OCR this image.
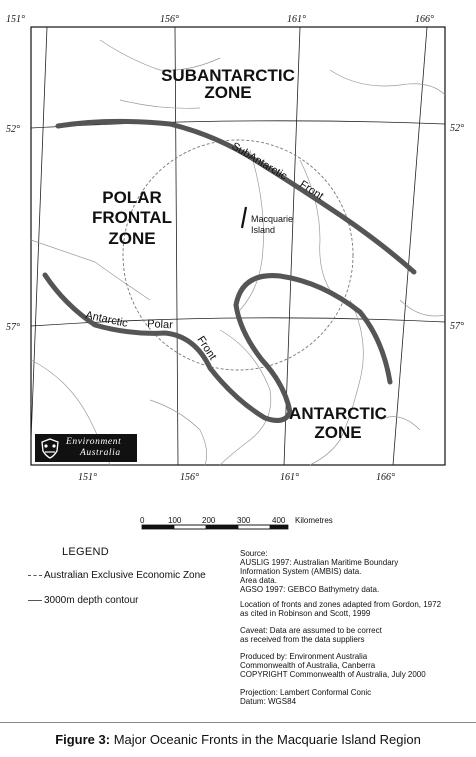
151°	156°	161°	166°
151°	156°	161°	166°
52°
57°
52°
57°
SUBANTARCTIC
ZONE
POLAR
FRONTAL
ZONE
ANTARCTIC
ZONE
SubAntarctic
Front
Antarctic Polar
Front
Macquarie
Island
Environment
Australia
0	100	200	300	400 Kilometres
LEGEND
Australian Exclusive Economic Zone
3000m depth contour
Source:
AUSLIG 1997: Australian Maritime Boundary
Information System (AMBIS) data.
Area data.
AGSO 1997: GEBCO Bathymetry data.
Location of fronts and zones adapted from Gordon, 1972
as cited in Robinson and Scott, 1999
Caveat: Data are assumed to be correct
as received from the data suppliers
Produced by: Environment Australia
Commonwealth of Australia, Canberra
COPYRIGHT Commonwealth of Australia, July 2000
Projection: Lambert Conformal Conic
Datum: WGS84
Figure 3: Major Oceanic Fronts in the Macquarie Island Region
